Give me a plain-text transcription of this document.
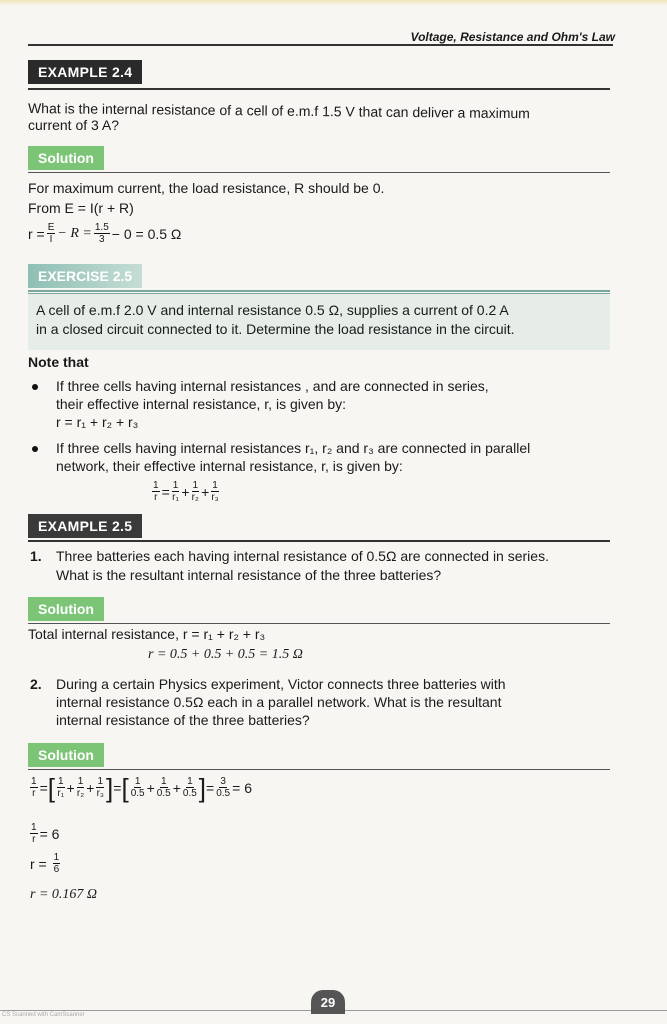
Voltage, Resistance and Ohm's Law
EXAMPLE 2.4
What is the internal resistance of a cell of e.m.f 1.5 V that can deliver a maximum
current of 3 A?
Solution
For maximum current, the load resistance, R should be 0.
From E = I(r + R)
$r = \frac{E}{I} - R = \frac{1.5}{3} - 0 = 0.5$ Ω
EXERCISE 2.5
A cell of e.m.f 2.0 V and internal resistance 0.5 Ω, supplies a current of 0.2 A
in a closed circuit connected to it. Determine the load resistance in the circuit.
Note that
If three cells having internal resistances , and are connected in series,
their effective internal resistance, r, is given by:
r = r₁ + r₂ + r₃
If three cells having internal resistances r₁, r₂ and r₃ are connected in parallel
network, their effective internal resistance, r, is given by:
$\frac{1}{r} = \frac{1}{\text{r₁}} + \frac{1}{\text{r₂}} + \frac{1}{\text{r₃}}$
EXAMPLE 2.5
1. Three batteries each having internal resistance of 0.5Ω are connected in series.
What is the resultant internal resistance of the three batteries?
Solution
Total internal resistance, r = r₁ + r₂ + r₃
r = 0.5 + 0.5 + 0.5 = 1.5 Ω
2. During a certain Physics experiment, Victor connects three batteries with
internal resistance 0.5Ω each in a parallel network. What is the resultant
internal resistance of the three batteries?
Solution
$\frac{1}{r}$ = [ $\frac{1}{\text{r₁}} + \frac{1}{\text{r₂}} + \frac{1}{\text{r₃}}$ ] = [ $\frac{1}{0.5} + \frac{1}{0.5} + \frac{1}{0.5}$ ] = $\frac{3}{0.5} = 6$
$\frac{1}{r} = 6$
$r = \frac{1}{6}$
r = 0.167 Ω
29
CS Scanned with CamScanner
